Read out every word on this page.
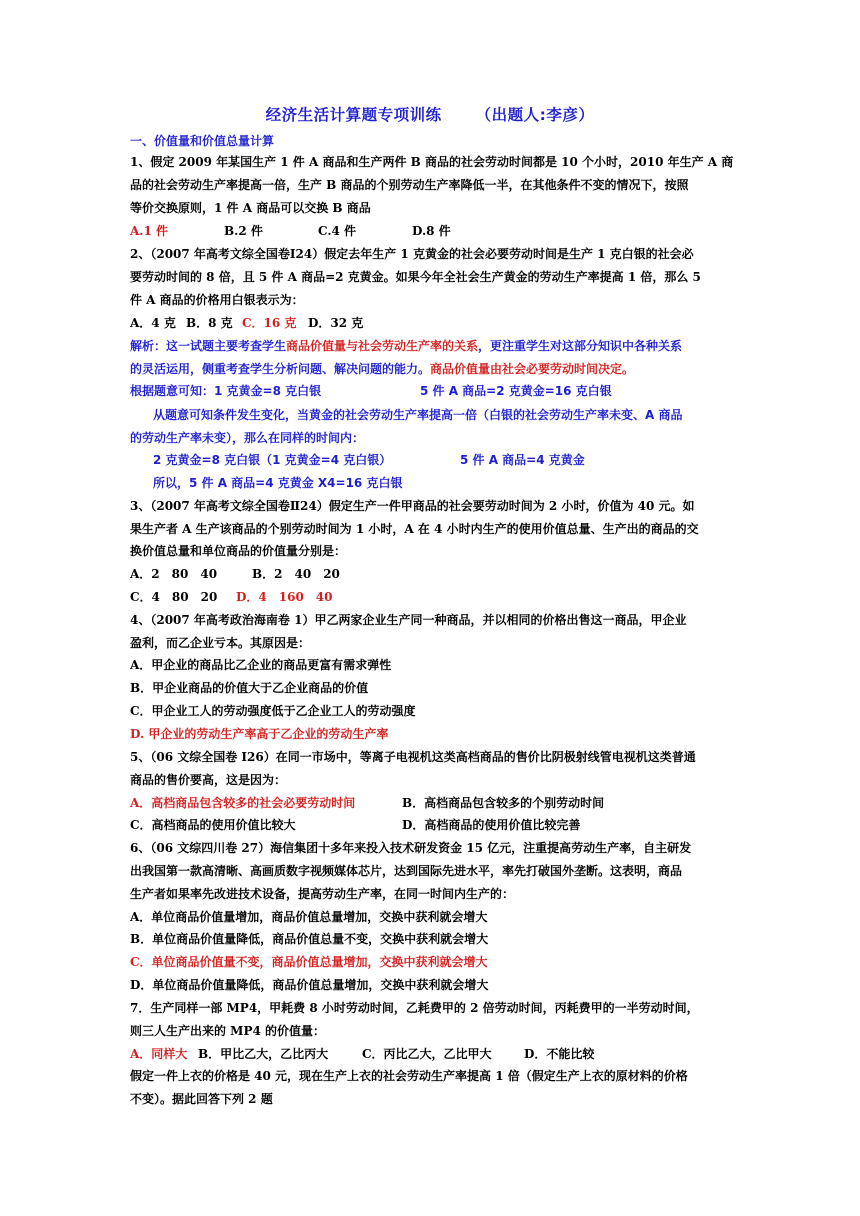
经济生活计算题专项训练 （出题人:李彦）
一、价值量和价值总量计算
1、假定 2009 年某国生产 1 件 A 商品和生产两件 B 商品的社会劳动时间都是 10 个小时，2010 年生产 A 商
品的社会劳动生产率提高一倍，生产 B 商品的个别劳动生产率降低一半，在其他条件不变的情况下，按照
等价交换原则，1 件 A 商品可以交换 B 商品
A.1 件	B.2 件	C.4 件	D.8 件
2、（2007 年高考文综全国卷Ⅰ24）假定去年生产 1 克黄金的社会必要劳动时间是生产 1 克白银的社会必
要劳动时间的 8 倍，且 5 件 A 商品=2 克黄金。如果今年全社会生产黄金的劳动生产率提高 1 倍，那么 5
件 A 商品的价格用白银表示为：
A．4 克 B．8 克 C．16 克 D．32 克
解析：这一试题主要考查学生商品价值量与社会劳动生产率的关系，更注重学生对这部分知识中各种关系
的灵活运用，侧重考查学生分析问题、解决问题的能力。商品价值量由社会必要劳动时间决定。
根据题意可知：1 克黄金=8 克白银	5 件 A 商品=2 克黄金=16 克白银
从题意可知条件发生变化，当黄金的社会劳动生产率提高一倍（白银的社会劳动生产率未变、A 商品
的劳动生产率未变），那么在同样的时间内：
2 克黄金=8 克白银（1 克黄金=4 克白银）	5 件 A 商品=4 克黄金
所以，5 件 A 商品=4 克黄金 X4=16 克白银
3、（2007 年高考文综全国卷Ⅱ24）假定生产一件甲商品的社会要劳动时间为 2 小时，价值为 40 元。如
果生产者 A 生产该商品的个别劳动时间为 1 小时，A 在 4 小时内生产的使用价值总量、生产出的商品的交
换价值总量和单位商品的价值量分别是：
A．2　80　40	B．2　40　20
C．4　80　20 D．4　160　40
4、（2007 年高考政治海南卷 1）甲乙两家企业生产同一种商品，并以相同的价格出售这一商品，甲企业
盈利，而乙企业亏本。其原因是：
A．甲企业的商品比乙企业的商品更富有需求弹性
B．甲企业商品的价值大于乙企业商品的价值
C．甲企业工人的劳动强度低于乙企业工人的劳动强度
D. 甲企业的劳动生产率高于乙企业的劳动生产率
5、（06 文综全国卷 I26）在同一市场中，等离子电视机这类高档商品的售价比阴极射线管电视机这类普通
商品的售价要高，这是因为：
A．高档商品包含较多的社会必要劳动时间	B．高档商品包含较多的个别劳动时间
C．高档商品的使用价值比较大	D．高档商品的使用价值比较完善
6、（06 文综四川卷 27）海信集团十多年来投入技术研发资金 15 亿元，注重提高劳动生产率，自主研发
出我国第一款高清晰、高画质数字视频媒体芯片，达到国际先进水平，率先打破国外垄断。这表明，商品
生产者如果率先改进技术设备，提高劳动生产率，在同一时间内生产的：
A．单位商品价值量增加，商品价值总量增加，交换中获利就会增大
B．单位商品价值量降低，商品价值总量不变，交换中获利就会增大
C．单位商品价值量不变，商品价值总量增加，交换中获利就会增大
D．单位商品价值量降低，商品价值总量增加，交换中获利就会增大
7．生产同样一部 MP4，甲耗费 8 小时劳动时间，乙耗费甲的 2 倍劳动时间，丙耗费甲的一半劳动时间，
则三人生产出来的 MP4 的价值量：
A．同样大 B．甲比乙大，乙比丙大	C．丙比乙大，乙比甲大	D．不能比较
假定一件上衣的价格是 40 元，现在生产上衣的社会劳动生产率提高 1 倍（假定生产上衣的原材料的价格
不变）。据此回答下列 2 题
